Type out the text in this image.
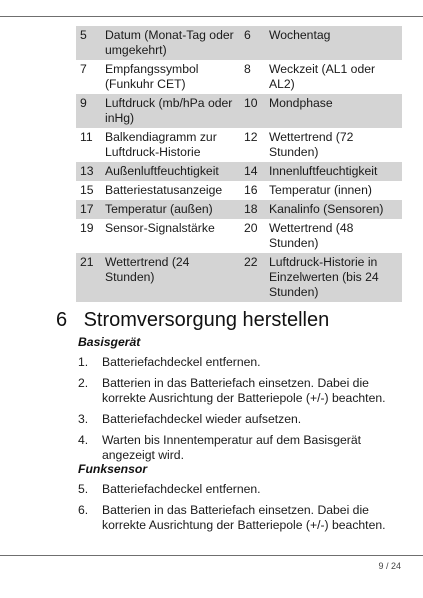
5	Datum (Monat-Tag oder umgekehrt)	6	Wochentag
7	Empfangssymbol (Funkuhr CET)	8	Weckzeit (AL1 oder AL2)
9	Luftdruck (mb/hPa oder inHg)	10	Mondphase
11	Balkendiagramm zur Luftdruck-Historie	12	Wettertrend (72 Stunden)
13	Außenluftfeuchtigkeit	14	Innenluftfeuchtigkeit
15	Batteriestatusanzeige	16	Temperatur (innen)
17	Temperatur (außen)	18	Kanalinfo (Sensoren)
19	Sensor-Signalstärke	20	Wettertrend (48 Stunden)
21	Wettertrend (24 Stunden)	22	Luftdruck-Historie in Einzelwerten (bis 24 Stunden)
6 Stromversorgung herstellen
Basisgerät
1. Batteriefachdeckel entfernen.
2. Batterien in das Batteriefach einsetzen. Dabei die korrekte Ausrichtung der Batteriepole (+/-) beachten.
3. Batteriefachdeckel wieder aufsetzen.
4. Warten bis Innentemperatur auf dem Basisgerät angezeigt wird.
Funksensor
5. Batteriefachdeckel entfernen.
6. Batterien in das Batteriefach einsetzen. Dabei die korrekte Ausrichtung der Batteriepole (+/-) beachten.
9 / 24
